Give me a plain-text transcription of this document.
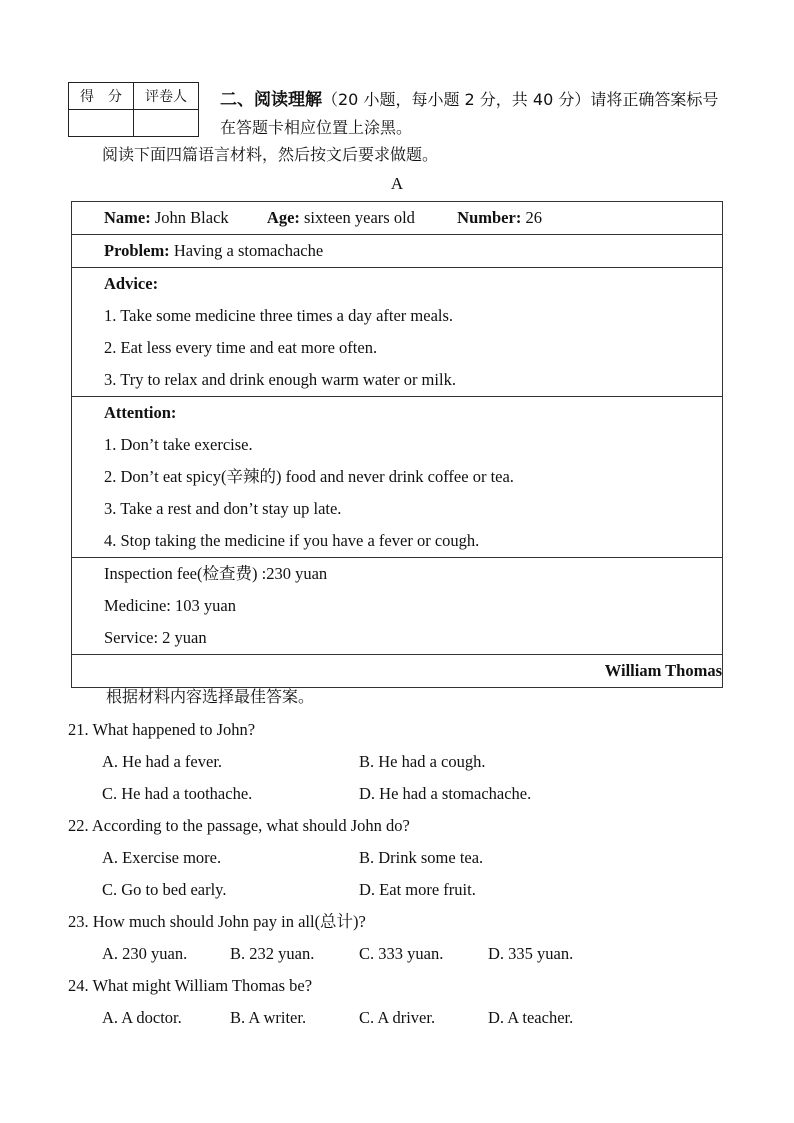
得　分	评卷人
	二、阅读理解（20 小题，每小题 2 分，共 40 分）请将正确答案标号在答题卡相应位置上涂黑。
阅读下面四篇语言材料，然后按文后要求做题。
A
Name: John Black Age: sixteen years old	Number: 26

Problem: Having a stomachache

Advice:
1. Take some medicine three times a day after meals.
2. Eat less every time and eat more often.
3. Try to relax and drink enough warm water or milk.

Attention:
1. Don’t take exercise.
2. Don’t eat spicy(辛辣的) food and never drink coffee or tea.
3. Take a rest and don’t stay up late.
4. Stop taking the medicine if you have a fever or cough.

Inspection fee(检查费) :230 yuan
Medicine: 103 yuan
Service: 2 yuan

William Thomas
根据材料内容选择最佳答案。
21. What happened to John?
A. He had a fever.	B. He had a cough.
C. He had a toothache.	D. He had a stomachache.
22. According to the passage, what should John do?
A. Exercise more.	B. Drink some tea.
C. Go to bed early.	D. Eat more fruit.
23. How much should John pay in all(总计)?
A. 230 yuan.	B. 232 yuan.	C. 333 yuan.	D. 335 yuan.
24. What might William Thomas be?
A. A doctor.	B. A writer.	C. A driver.	D. A teacher.
